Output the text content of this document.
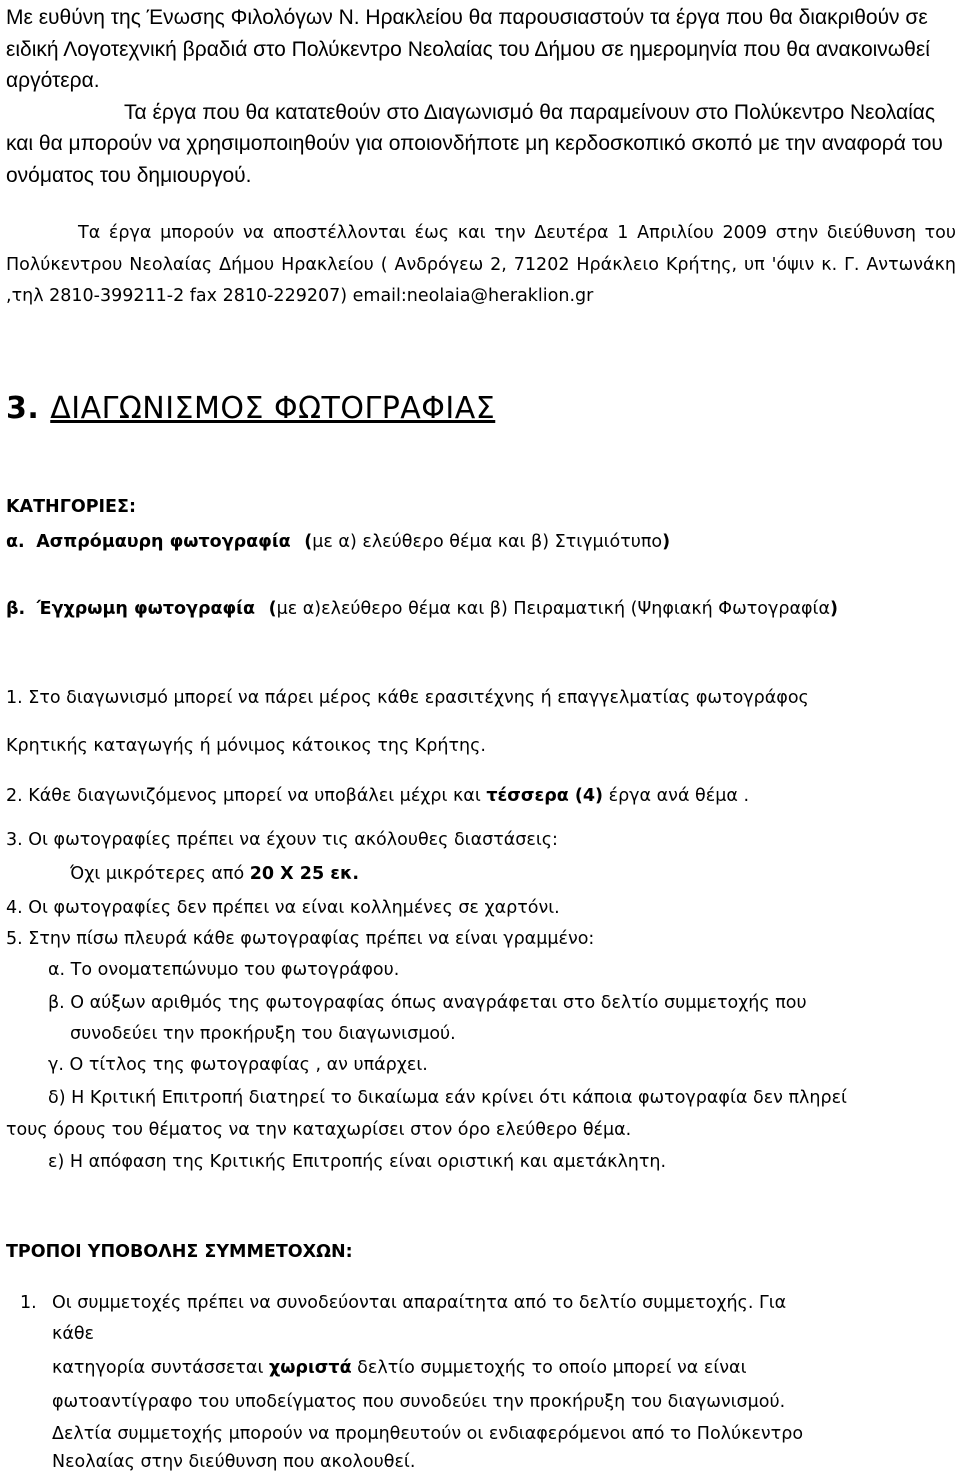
Με ευθύνη της Ένωσης Φιλολόγων Ν. Ηρακλείου θα παρουσιαστούν τα έργα που θα διακριθούν σε ειδική Λογοτεχνική βραδιά στο Πολύκεντρο Νεολαίας του Δήμου σε ημερομηνία που θα ανακοινωθεί αργότερα.

Τα έργα που θα κατατεθούν στο Διαγωνισμό θα παραμείνουν στο Πολύκεντρο Νεολαίας και θα μπορούν να χρησιμοποιηθούν για οποιονδήποτε μη κερδοσκοπικό σκοπό με την αναφορά του ονόματος του δημιουργού.

Τα έργα μπορούν να αποστέλλονται έως και την Δευτέρα 1 Απριλίου 2009 στην διεύθυνση του Πολύκεντρου Νεολαίας Δήμου Ηρακλείου ( Ανδρόγεω 2, 71202 Ηράκλειο Κρήτης, υπ 'όψιν κ. Γ. Αντωνάκη ,τηλ 2810-399211-2 fax 2810-229207) email:neolaia@heraklion.gr

3. ΔΙΑΓΩΝΙΣΜΟΣ ΦΩΤΟΓΡΑΦΙΑΣ
ΚΑΤΗΓΟΡΙΕΣ:
α. Ασπρόμαυρη φωτογραφία (με α) ελεύθερο θέμα και β) Στιγμιότυπο)
β. Έγχρωμη φωτογραφία (με α)ελεύθερο θέμα και β) Πειραματική (Ψηφιακή Φωτογραφία)
1. Στο διαγωνισμό μπορεί να πάρει μέρος κάθε ερασιτέχνης ή επαγγελματίας φωτογράφος
Κρητικής καταγωγής ή μόνιμος κάτοικος της Κρήτης.
2. Κάθε διαγωνιζόμενος μπορεί να υποβάλει μέχρι και τέσσερα (4) έργα ανά θέμα .
3. Οι φωτογραφίες πρέπει να έχουν τις ακόλουθες διαστάσεις:
Όχι μικρότερες από 20 Χ 25 εκ.
4. Οι φωτογραφίες δεν πρέπει να είναι κολλημένες σε χαρτόνι.
5. Στην πίσω πλευρά κάθε φωτογραφίας πρέπει να είναι γραμμένο:
α. Το ονοματεπώνυμο του φωτογράφου.
β. Ο αύξων αριθμός της φωτογραφίας όπως αναγράφεται στο δελτίο συμμετοχής που
συνοδεύει την προκήρυξη του διαγωνισμού.
γ. Ο τίτλος της φωτογραφίας , αν υπάρχει.
δ) Η Κριτική Επιτροπή διατηρεί το δικαίωμα εάν κρίνει ότι κάποια φωτογραφία δεν πληρεί
τους όρους του θέματος να την καταχωρίσει στον όρο ελεύθερο θέμα.
ε) Η απόφαση της Κριτικής Επιτροπής είναι οριστική και αμετάκλητη.
ΤΡΟΠΟΙ ΥΠΟΒΟΛΗΣ ΣΥΜΜΕΤΟΧΩΝ:
1. Οι συμμετοχές πρέπει να συνοδεύονται απαραίτητα από το δελτίο συμμετοχής. Για
κάθε
κατηγορία συντάσσεται χωριστά δελτίο συμμετοχής το οποίο μπορεί να είναι
φωτοαντίγραφο του υποδείγματος που συνοδεύει την προκήρυξη του διαγωνισμού.
Δελτία συμμετοχής μπορούν να προμηθευτούν οι ενδιαφερόμενοι από το Πολύκεντρο
Νεολαίας στην διεύθυνση που ακολουθεί.
